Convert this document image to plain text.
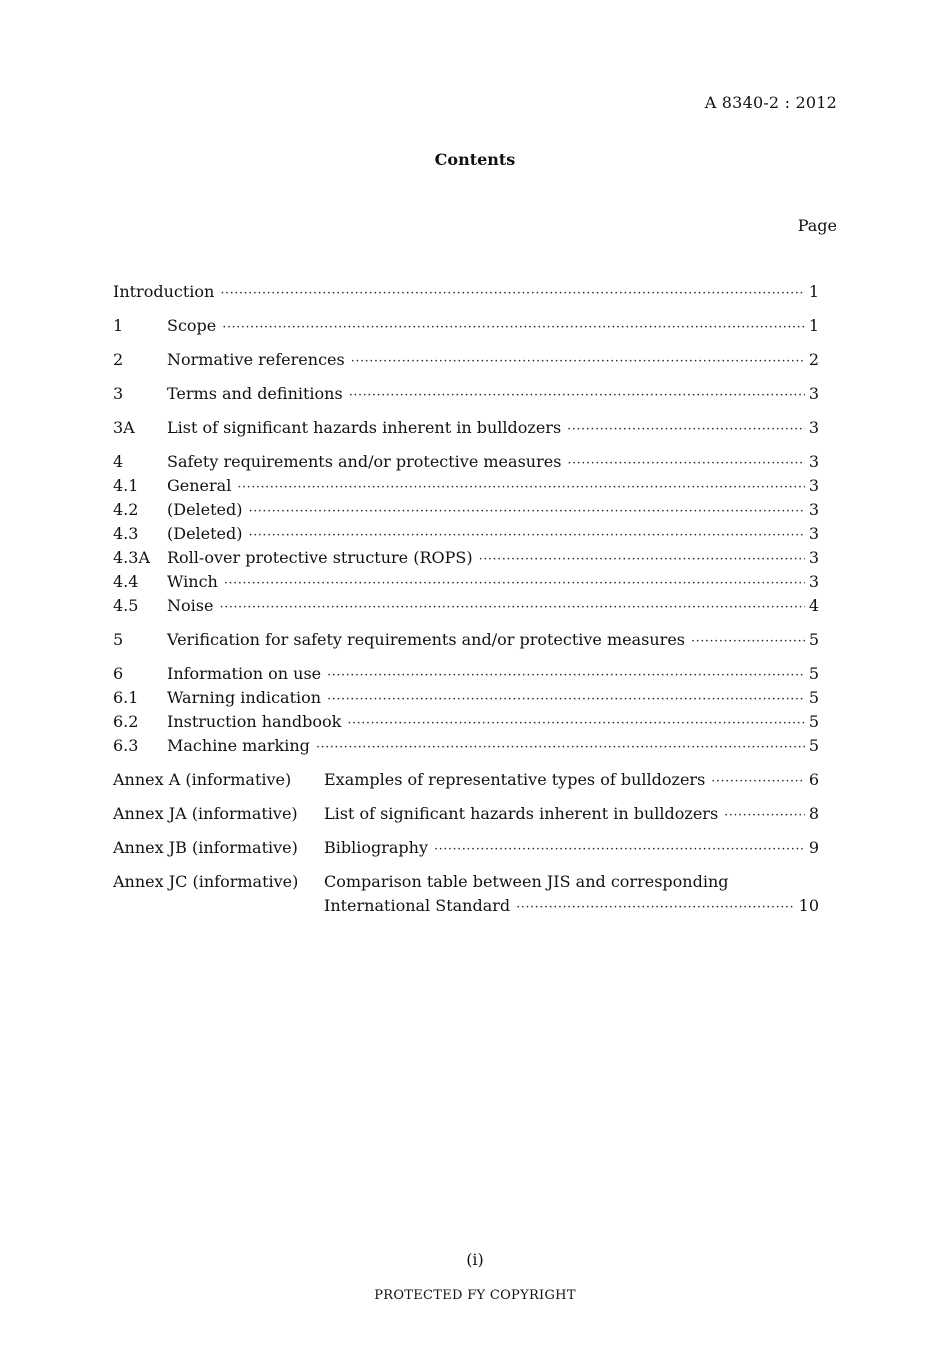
A 8340-2 : 2012
Contents
Page
Introduction ·····	1
1	Scope ·····	1
2	Normative references ·····	2
3	Terms and definitions ·····	3
3A List of significant hazards inherent in bulldozers ·····	3
4	Safety requirements and/or protective measures ·····	3
4.1 General ·····	3
4.2 (Deleted) ·····	3
4.3 (Deleted) ·····	3
4.3A Roll-over protective structure (ROPS) ·····	3
4.4 Winch ·····	3
4.5 Noise ·····	4
5	Verification for safety requirements and/or protective measures ·····	5
6	Information on use ·····	5
6.1 Warning indication ·····	5
6.2 Instruction handbook ·····	5
6.3 Machine marking ·····	5
Annex A (informative) Examples of representative types of bulldozers ·····	6
Annex JA (informative) List of significant hazards inherent in bulldozers ·····	8
Annex JB (informative) Bibliography ·····	9
Annex JC (informative) Comparison table between JIS and corresponding
International Standard ·····	10
(i)
PROTECTED FY COPYRIGHT
